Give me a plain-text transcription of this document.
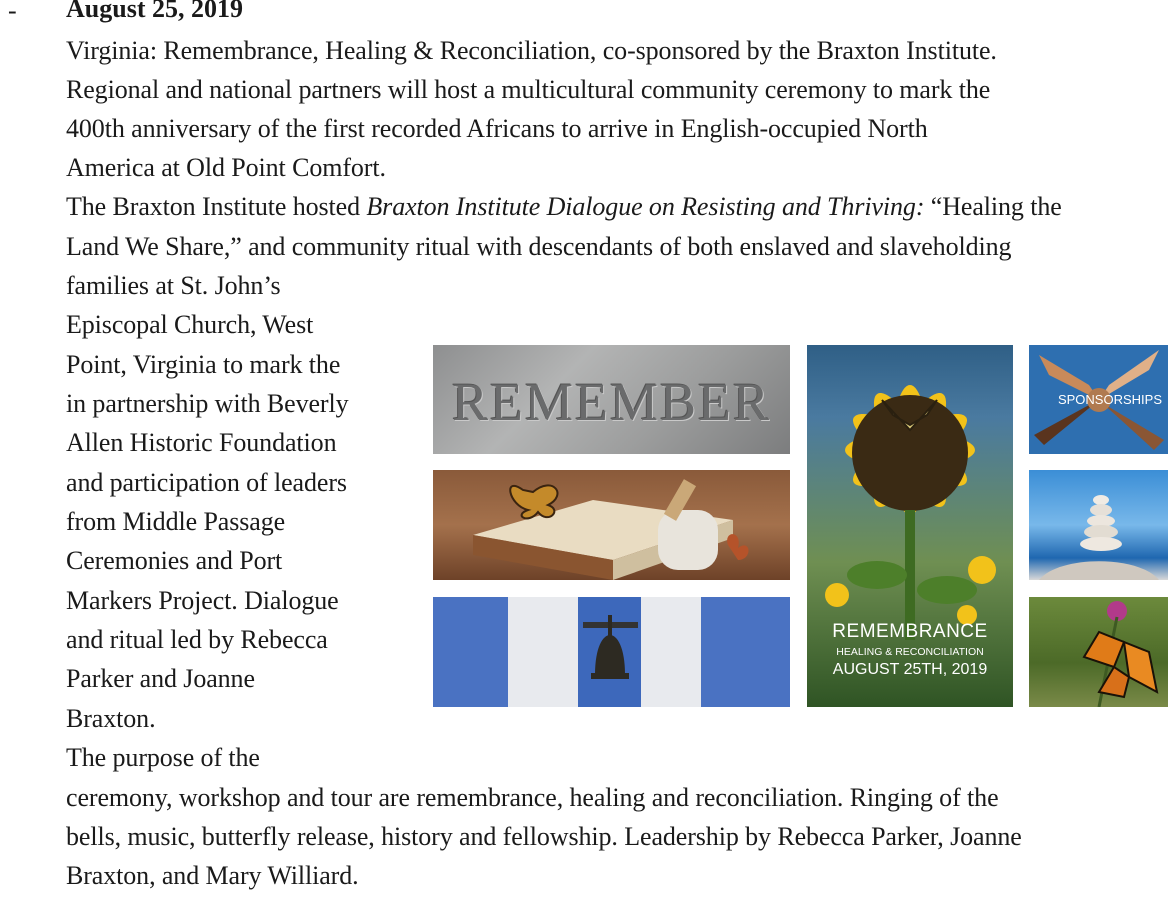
- August 25, 2019
Virginia: Remembrance, Healing & Reconciliation, co-sponsored by the Braxton Institute.
Regional and national partners will host a multicultural community ceremony to mark the
400th anniversary of the first recorded Africans to arrive in English-occupied North
America at Old Point Comfort.
The Braxton Institute hosted Braxton Institute Dialogue on Resisting and Thriving: “Healing the
Land We Share,” and community ritual with descendants of both enslaved and slaveholding
families at St. John’s
Episcopal Church, West
Point, Virginia to mark the
in partnership with Beverly
Allen Historic Foundation
and participation of leaders
from Middle Passage
Ceremonies and Port
Markers Project. Dialogue
and ritual led by Rebecca
Parker and Joanne
Braxton.
The purpose of the
ceremony, workshop and tour are remembrance, healing and reconciliation. Ringing of the
bells, music, butterfly release, history and fellowship. Leadership by Rebecca Parker, Joanne
Braxton, and Mary Williard.
REMEMBER
REMEMBRANCE
HEALING & RECONCILIATION
AUGUST 25TH, 2019
SPONSORSHIPS
